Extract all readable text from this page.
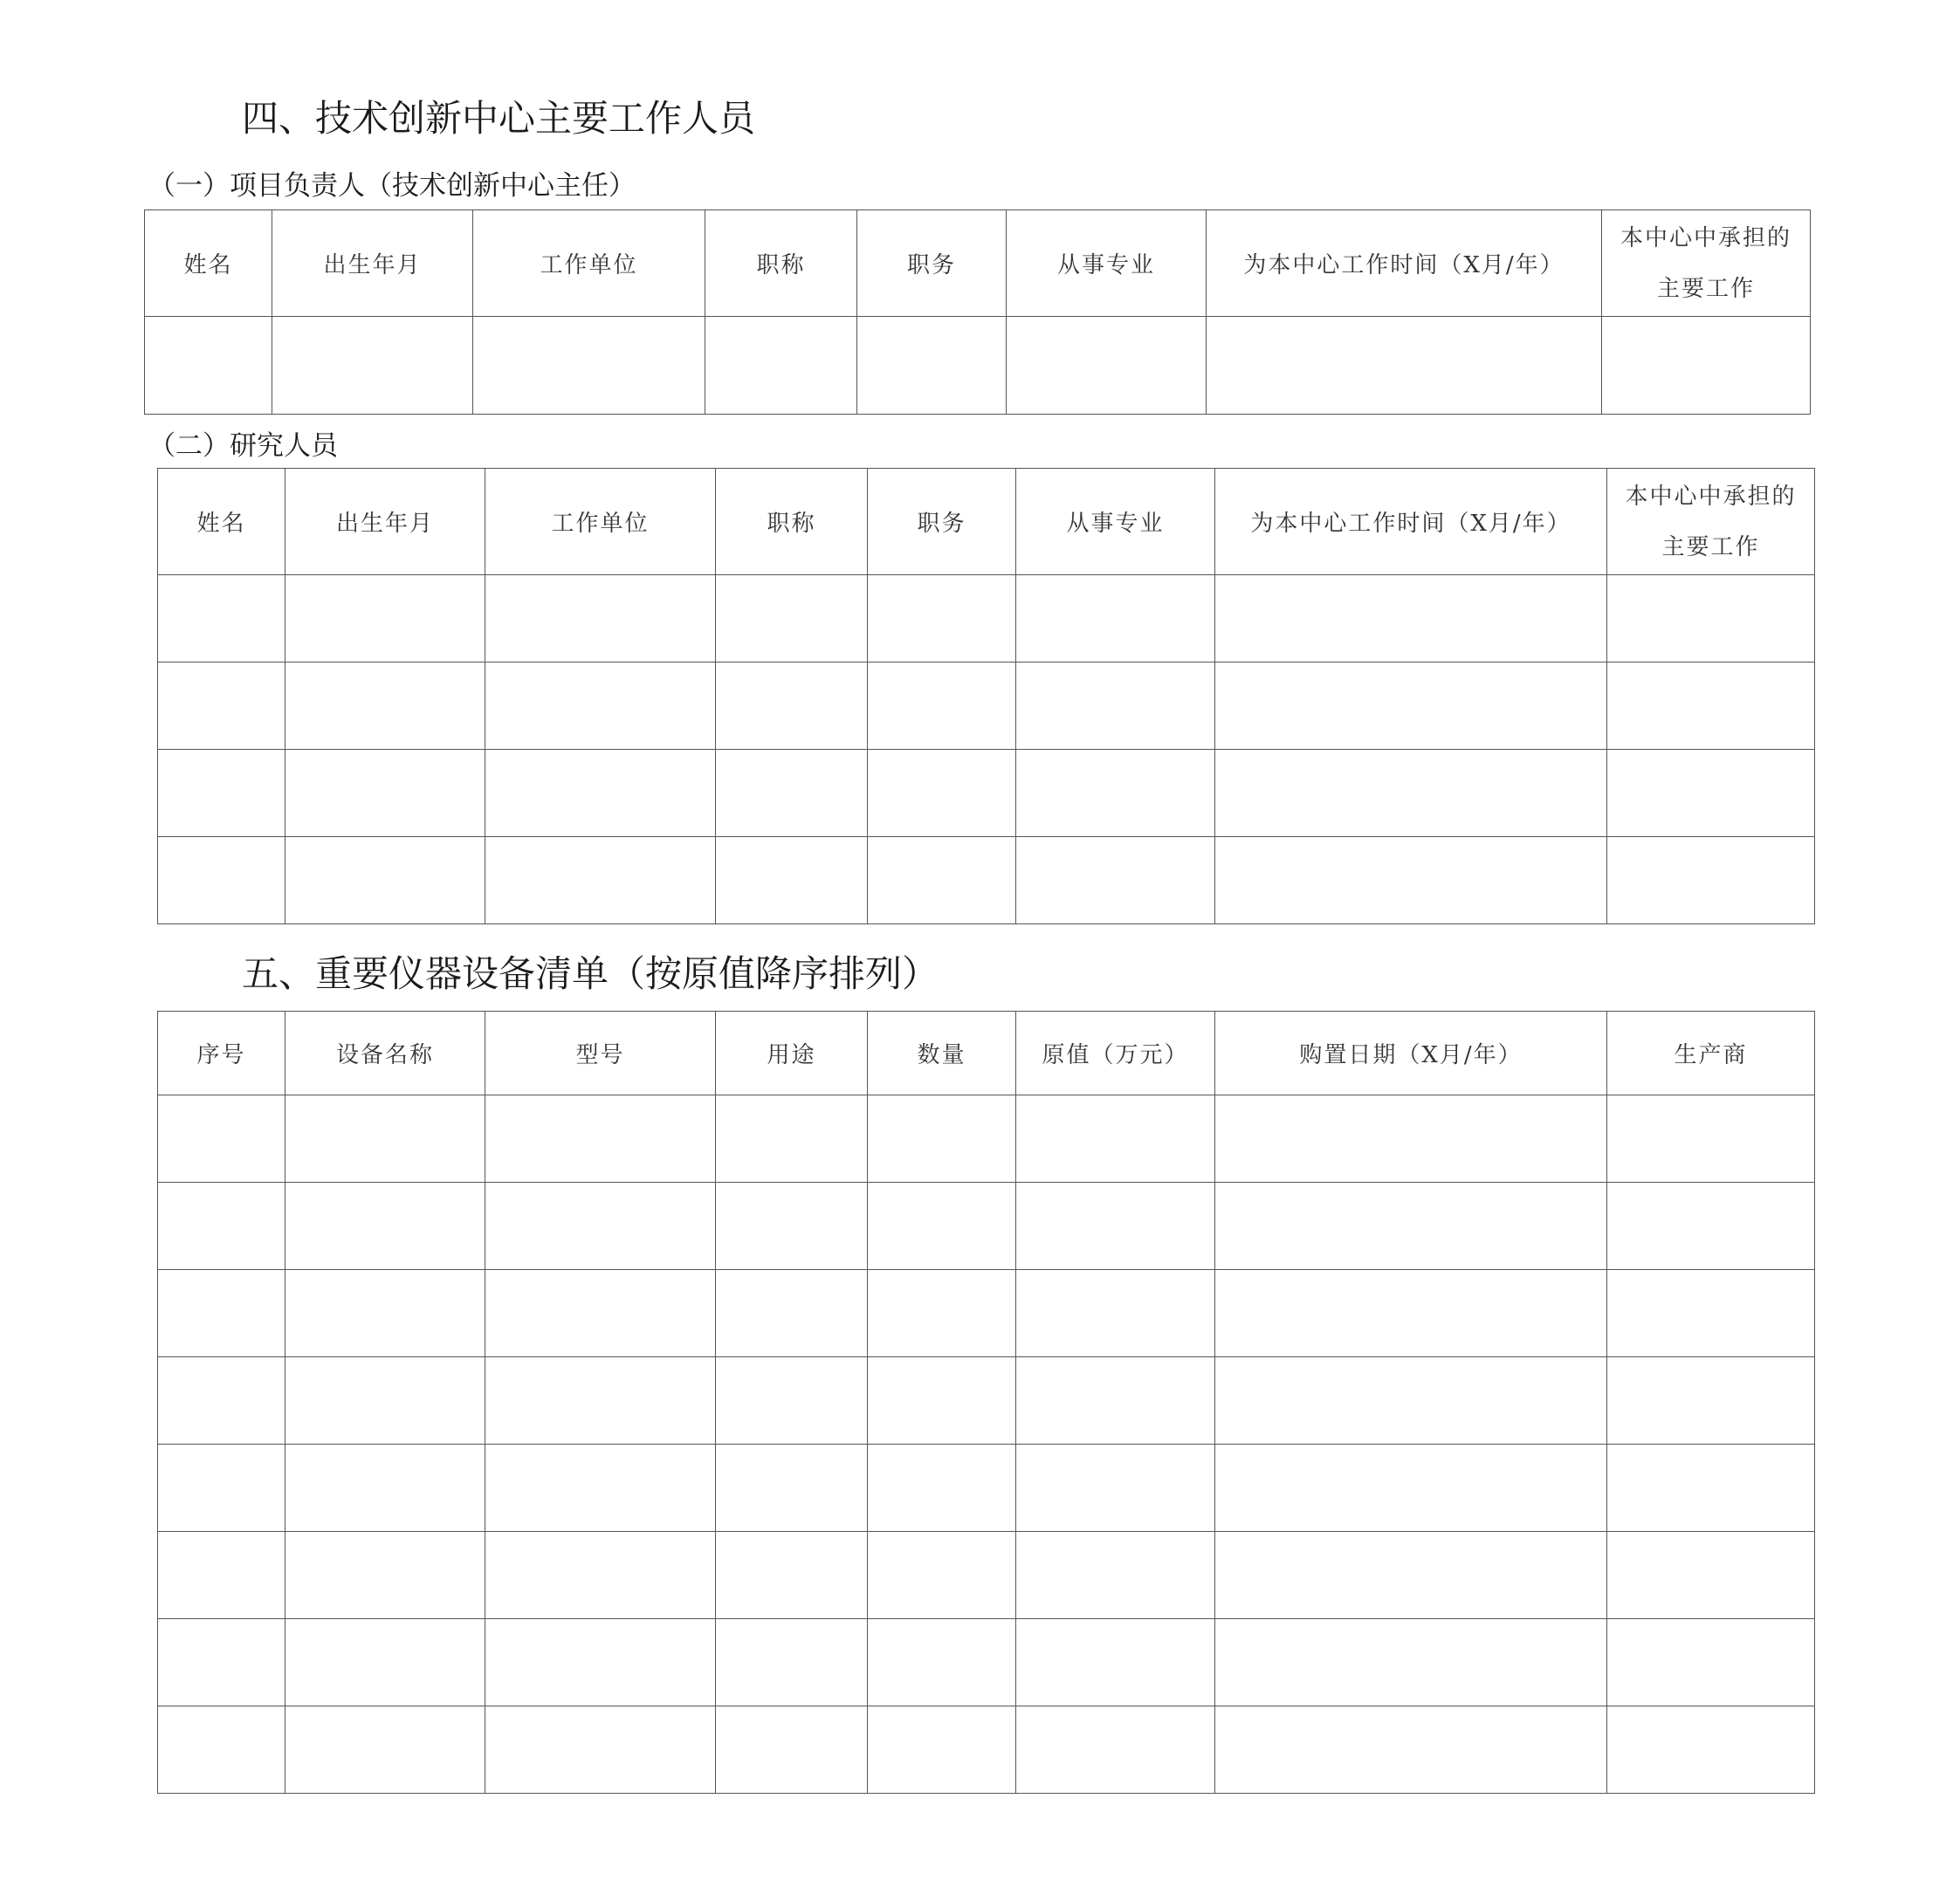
四、技术创新中心主要工作人员
（一）项目负责人（技术创新中心主任）
姓名	出生年月	工作单位	职称	职务	从事专业	为本中心工作时间（X月/年）	本中心中承担的
主要工作

（二）研究人员
姓名	出生年月	工作单位	职称	职务	从事专业	为本中心工作时间（X月/年）	本中心中承担的
主要工作

五、重要仪器设备清单（按原值降序排列）
序号	设备名称	型号	用途	数量	原值（万元）	购置日期（X月/年）	生产商
